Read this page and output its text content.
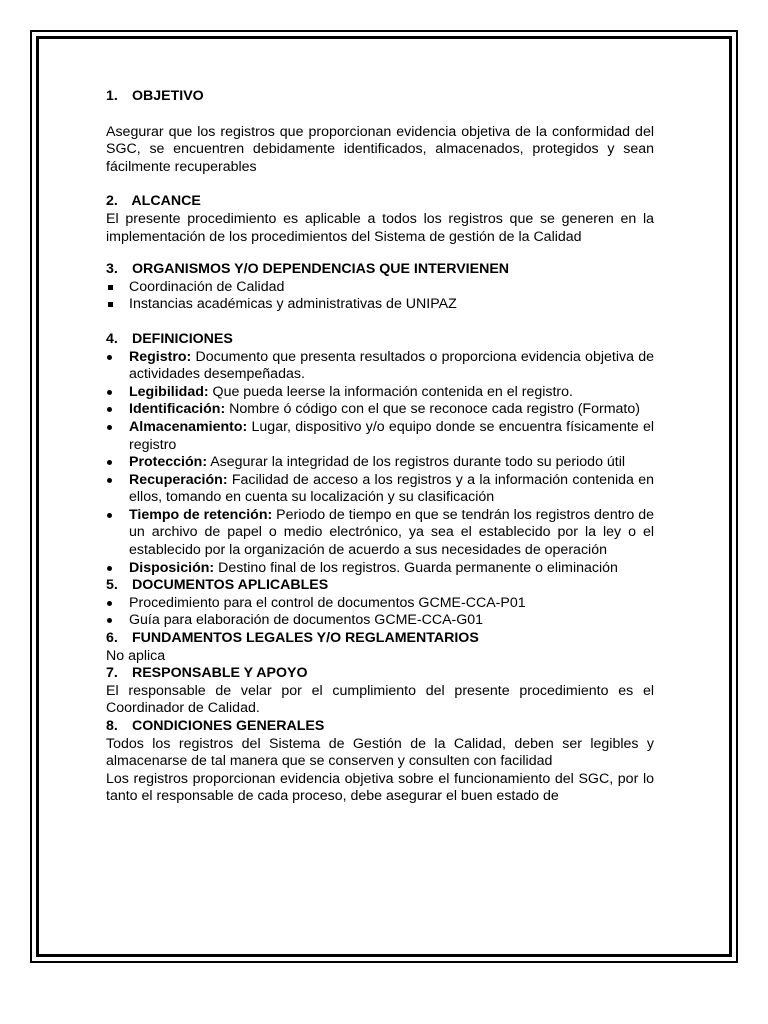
1. OBJETIVO

Asegurar que los registros que proporcionan evidencia objetiva de la conformidad del SGC, se encuentren debidamente identificados, almacenados, protegidos y sean fácilmente recuperables

2. ALCANCE

El presente procedimiento es aplicable a todos los registros que se generen en la implementación de los procedimientos del Sistema de gestión de la Calidad

3. ORGANISMOS Y/O DEPENDENCIAS QUE INTERVIENEN
Coordinación de Calidad
Instancias académicas y administrativas de UNIPAZ
4. DEFINICIONES
Registro: Documento que presenta resultados o proporciona evidencia objetiva de actividades desempeñadas.
Legibilidad: Que pueda leerse la información contenida en el registro.
Identificación: Nombre ó código con el que se reconoce cada registro (Formato)
Almacenamiento: Lugar, dispositivo y/o equipo donde se encuentra físicamente el registro
Protección: Asegurar la integridad de los registros durante todo su periodo útil
Recuperación: Facilidad de acceso a los registros y a la información contenida en ellos, tomando en cuenta su localización y su clasificación
Tiempo de retención: Periodo de tiempo en que se tendrán los registros dentro de un archivo de papel o medio electrónico, ya sea el establecido por la ley o el establecido por la organización de acuerdo a sus necesidades de operación
Disposición: Destino final de los registros. Guarda permanente o eliminación
5. DOCUMENTOS APLICABLES
Procedimiento para el control de documentos GCME-CCA-P01
Guía para elaboración de documentos GCME-CCA-G01
6. FUNDAMENTOS LEGALES Y/O REGLAMENTARIOS

No aplica

7. RESPONSABLE Y APOYO

El responsable de velar por el cumplimiento del presente procedimiento es el Coordinador de Calidad.

8. CONDICIONES GENERALES

Todos los registros del Sistema de Gestión de la Calidad, deben ser legibles y almacenarse de tal manera que se conserven y consulten con facilidad

Los registros proporcionan evidencia objetiva sobre el funcionamiento del SGC, por lo tanto el responsable de cada proceso, debe asegurar el buen estado de
